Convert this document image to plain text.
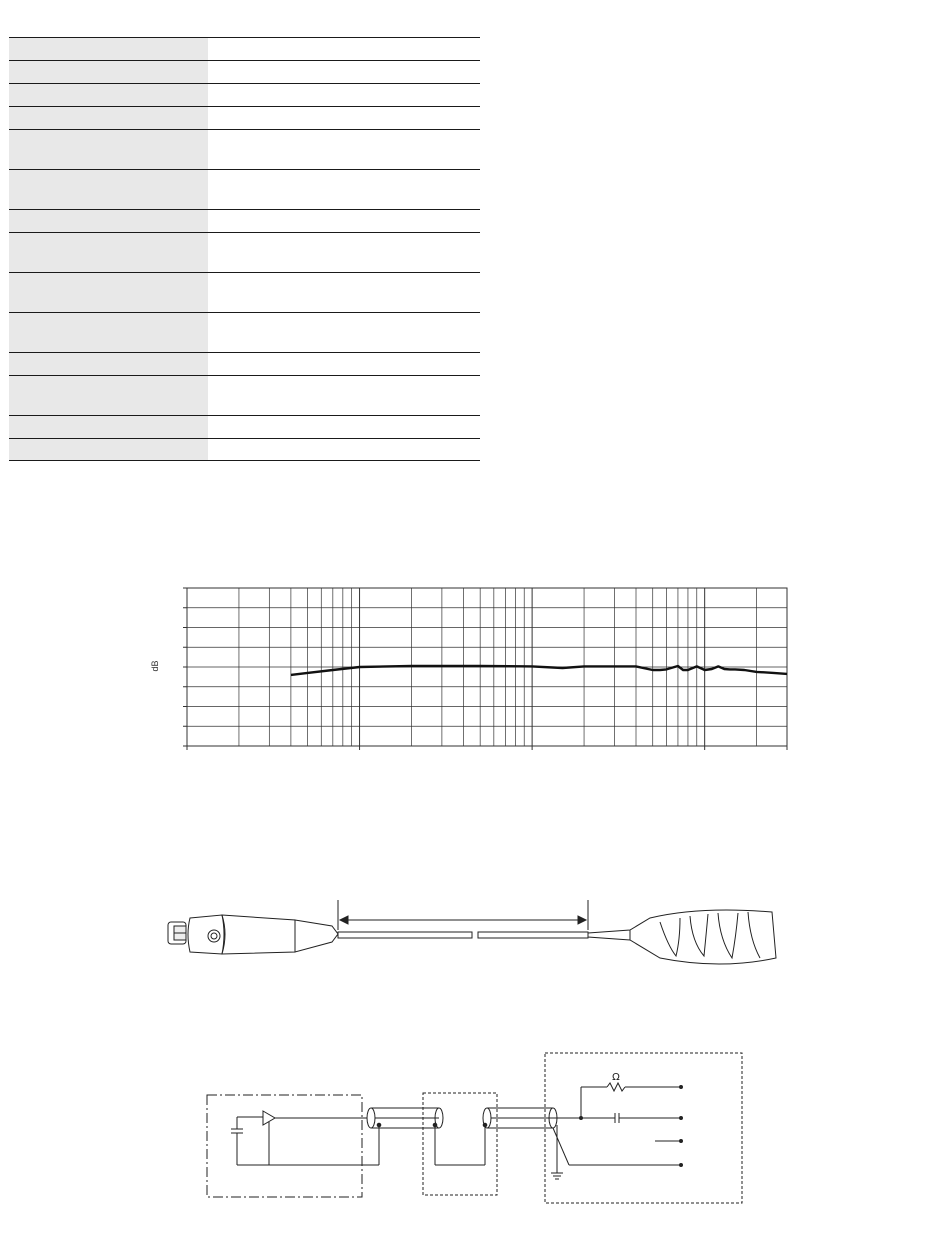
dB
Ω
